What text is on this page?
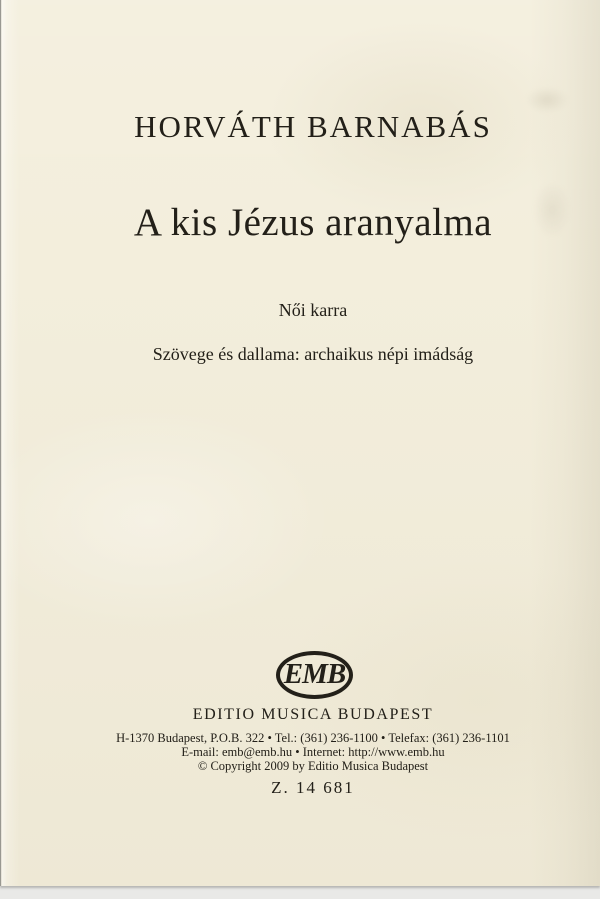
HORVÁTH BARNABÁS
A kis Jézus aranyalma
Női karra
Szövege és dallama: archaikus népi imádság
EMB
EDITIO MUSICA BUDAPEST
H-1370 Budapest, P.O.B. 322 • Tel.: (361) 236-1100 • Telefax: (361) 236-1101
E-mail: emb@emb.hu • Internet: http://www.emb.hu
© Copyright 2009 by Editio Musica Budapest
Z. 14 681
